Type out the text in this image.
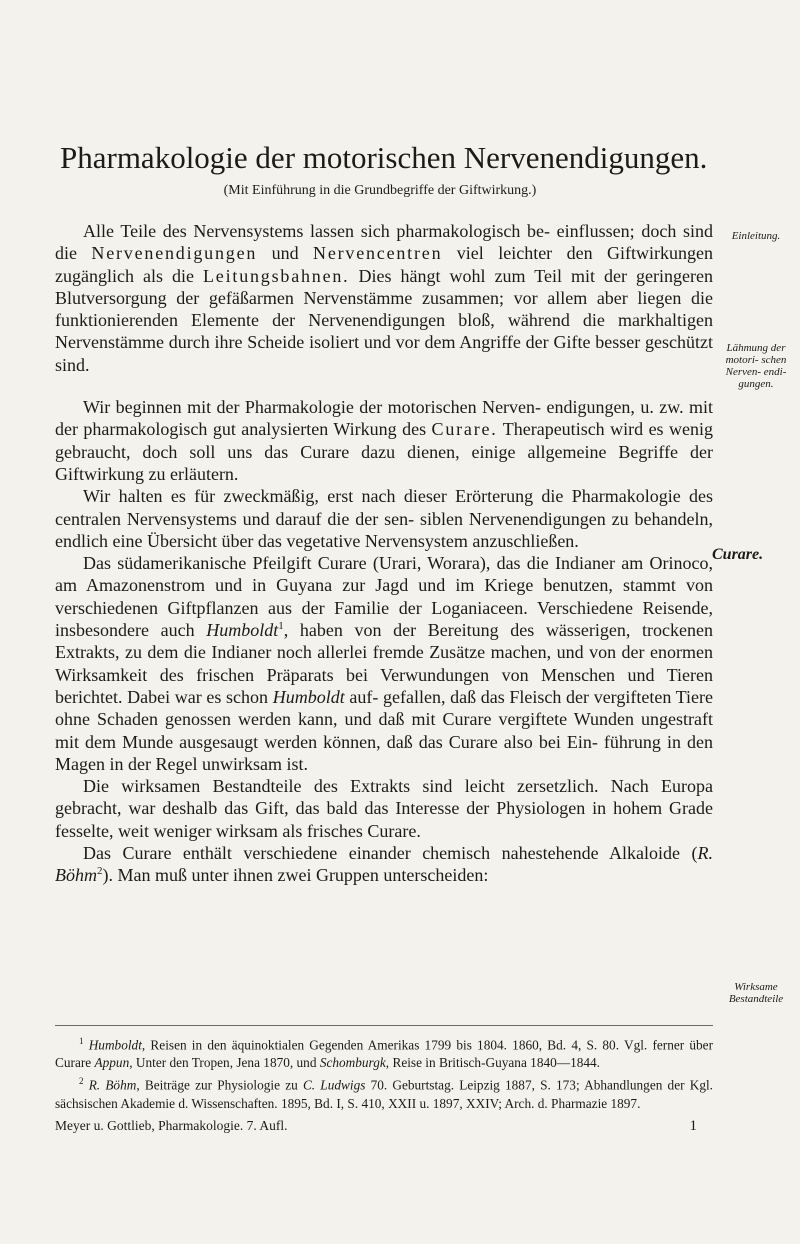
Pharmakologie der motorischen Nervenendigungen.
(Mit Einführung in die Grundbegriffe der Giftwirkung.)

Alle Teile des Nervensystems lassen sich pharmakologisch be- einflussen; doch sind die Nervenendigungen und Nervencentren viel leichter den Giftwirkungen zugänglich als die Leitungsbahnen. Dies hängt wohl zum Teil mit der geringeren Blutversorgung der gefäßarmen Nervenstämme zusammen; vor allem aber liegen die funktionierenden Elemente der Nervenendigungen bloß, während die markhaltigen Nervenstämme durch ihre Scheide isoliert und vor dem Angriffe der Gifte besser geschützt sind.

Wir beginnen mit der Pharmakologie der motorischen Nerven- endigungen, u. zw. mit der pharmakologisch gut analysierten Wirkung des Curare. Therapeutisch wird es wenig gebraucht, doch soll uns das Curare dazu dienen, einige allgemeine Begriffe der Giftwirkung zu erläutern.

Wir halten es für zweckmäßig, erst nach dieser Erörterung die Pharmakologie des centralen Nervensystems und darauf die der sen- siblen Nervenendigungen zu behandeln, endlich eine Übersicht über das vegetative Nervensystem anzuschließen.

Das südamerikanische Pfeilgift Curare (Urari, Worara), das die Indianer am Orinoco, am Amazonenstrom und in Guyana zur Jagd und im Kriege benutzen, stammt von verschiedenen Giftpflanzen aus der Familie der Loganiaceen. Verschiedene Reisende, insbesondere auch Humboldt$^1$, haben von der Bereitung des wässerigen, trockenen Extrakts, zu dem die Indianer noch allerlei fremde Zusätze machen, und von der enormen Wirksamkeit des frischen Präparats bei Verwundungen von Menschen und Tieren berichtet. Dabei war es schon Humboldt auf- gefallen, daß das Fleisch der vergifteten Tiere ohne Schaden genossen werden kann, und daß mit Curare vergiftete Wunden ungestraft mit dem Munde ausgesaugt werden können, daß das Curare also bei Ein- führung in den Magen in der Regel unwirksam ist.

Die wirksamen Bestandteile des Extrakts sind leicht zersetzlich. Nach Europa gebracht, war deshalb das Gift, das bald das Interesse der Physiologen in hohem Grade fesselte, weit weniger wirksam als frisches Curare.

Das Curare enthält verschiedene einander chemisch nahestehende Alkaloide (R. Böhm$^2$). Man muß unter ihnen zwei Gruppen unterscheiden:

Einleitung.
Lähmung der motori- schen Nerven- endi- gungen.
Curare.
Wirksame Bestandteile

$^1$ Humboldt, Reisen in den äquinoktialen Gegenden Amerikas 1799 bis 1804. 1860, Bd. 4, S. 80. Vgl. ferner über Curare Appun, Unter den Tropen, Jena 1870, und Schomburgk, Reise in Britisch-Guyana 1840—1844.

$^2$ R. Böhm, Beiträge zur Physiologie zu C. Ludwigs 70. Geburtstag. Leipzig 1887, S. 173; Abhandlungen der Kgl. sächsischen Akademie d. Wissenschaften. 1895, Bd. I, S. 410, XXII u. 1897, XXIV; Arch. d. Pharmazie 1897.

Meyer u. Gottlieb, Pharmakologie. 7. Aufl.	1
